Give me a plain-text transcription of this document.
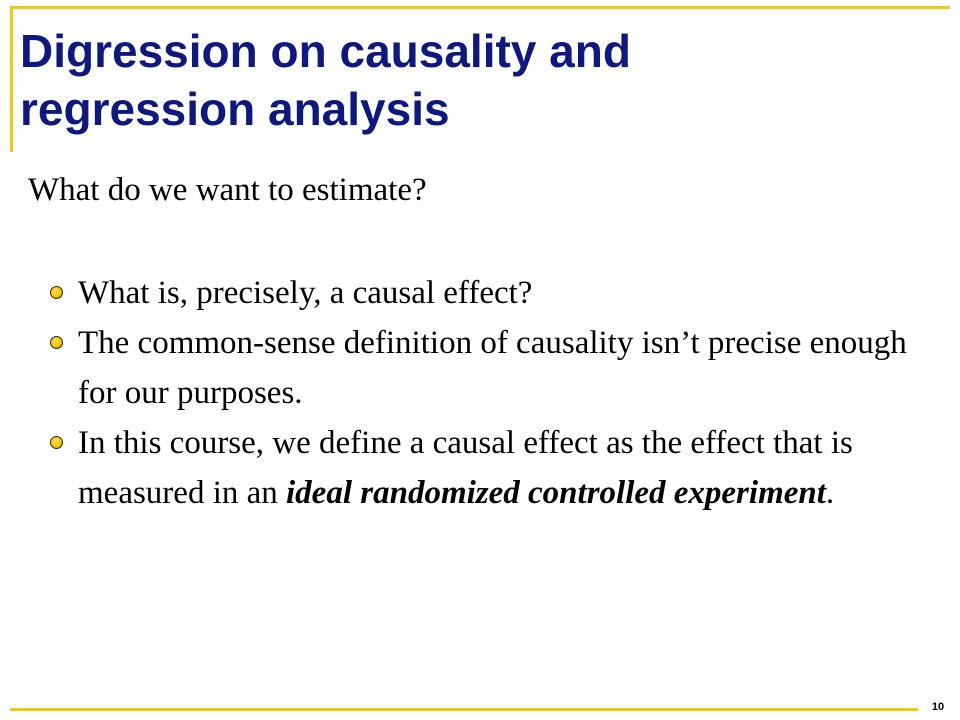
Digression on causality and
regression analysis

What do we want to estimate?

What is, precisely, a causal effect?
The common-sense definition of causality isn’t precise enough for our purposes.
In this course, we define a causal effect as the effect that is measured in an ideal randomized controlled experiment.
10
